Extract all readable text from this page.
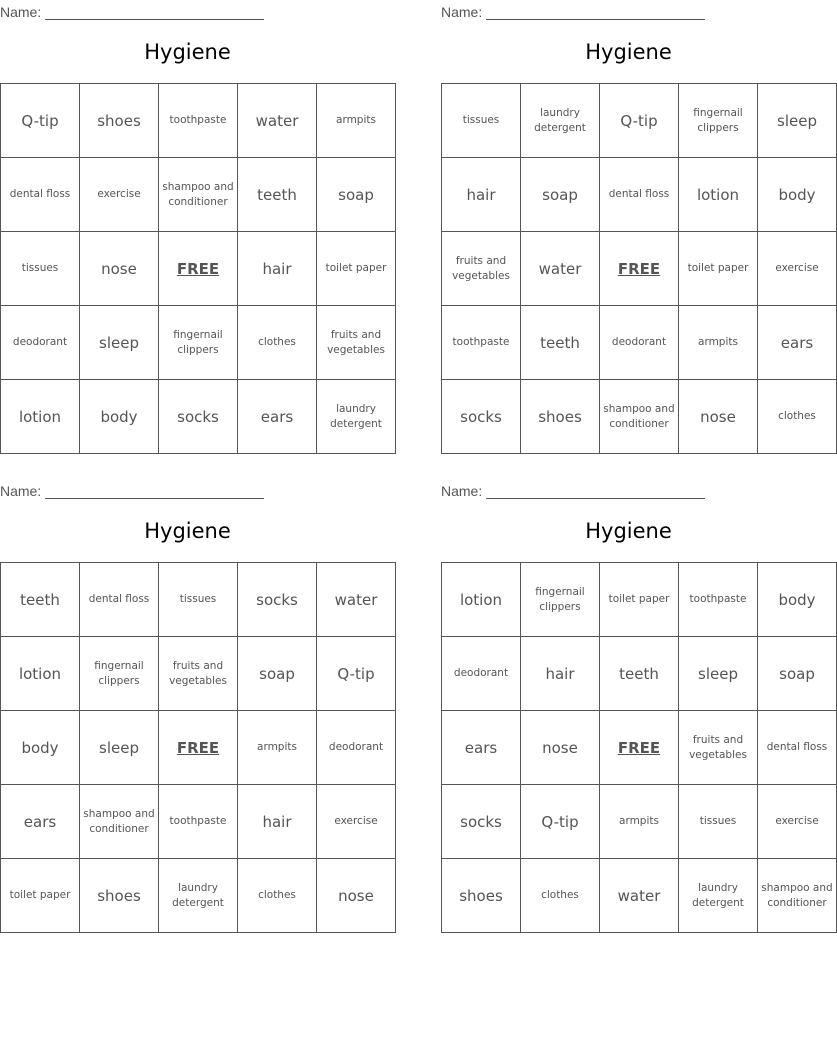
Name:
Hygiene
Q-tip	shoes	toothpaste	water	armpits
dental floss	exercise	shampoo and conditioner	teeth	soap
tissues	nose	FREE	hair	toilet paper
deodorant	sleep	fingernail clippers	clothes	fruits and vegetables
lotion	body	socks	ears	laundry detergent
Name:
Hygiene
tissues	laundry detergent	Q-tip	fingernail clippers	sleep
hair	soap	dental floss	lotion	body
fruits and vegetables	water	FREE	toilet paper	exercise
toothpaste	teeth	deodorant	armpits	ears
socks	shoes	shampoo and conditioner	nose	clothes
Name:
Hygiene
teeth	dental floss	tissues	socks	water
lotion	fingernail clippers	fruits and vegetables	soap	Q-tip
body	sleep	FREE	armpits	deodorant
ears	shampoo and conditioner	toothpaste	hair	exercise
toilet paper	shoes	laundry detergent	clothes	nose
Name:
Hygiene
lotion	fingernail clippers	toilet paper	toothpaste	body
deodorant	hair	teeth	sleep	soap
ears	nose	FREE	fruits and vegetables	dental floss
socks	Q-tip	armpits	tissues	exercise
shoes	clothes	water	laundry detergent	shampoo and conditioner
